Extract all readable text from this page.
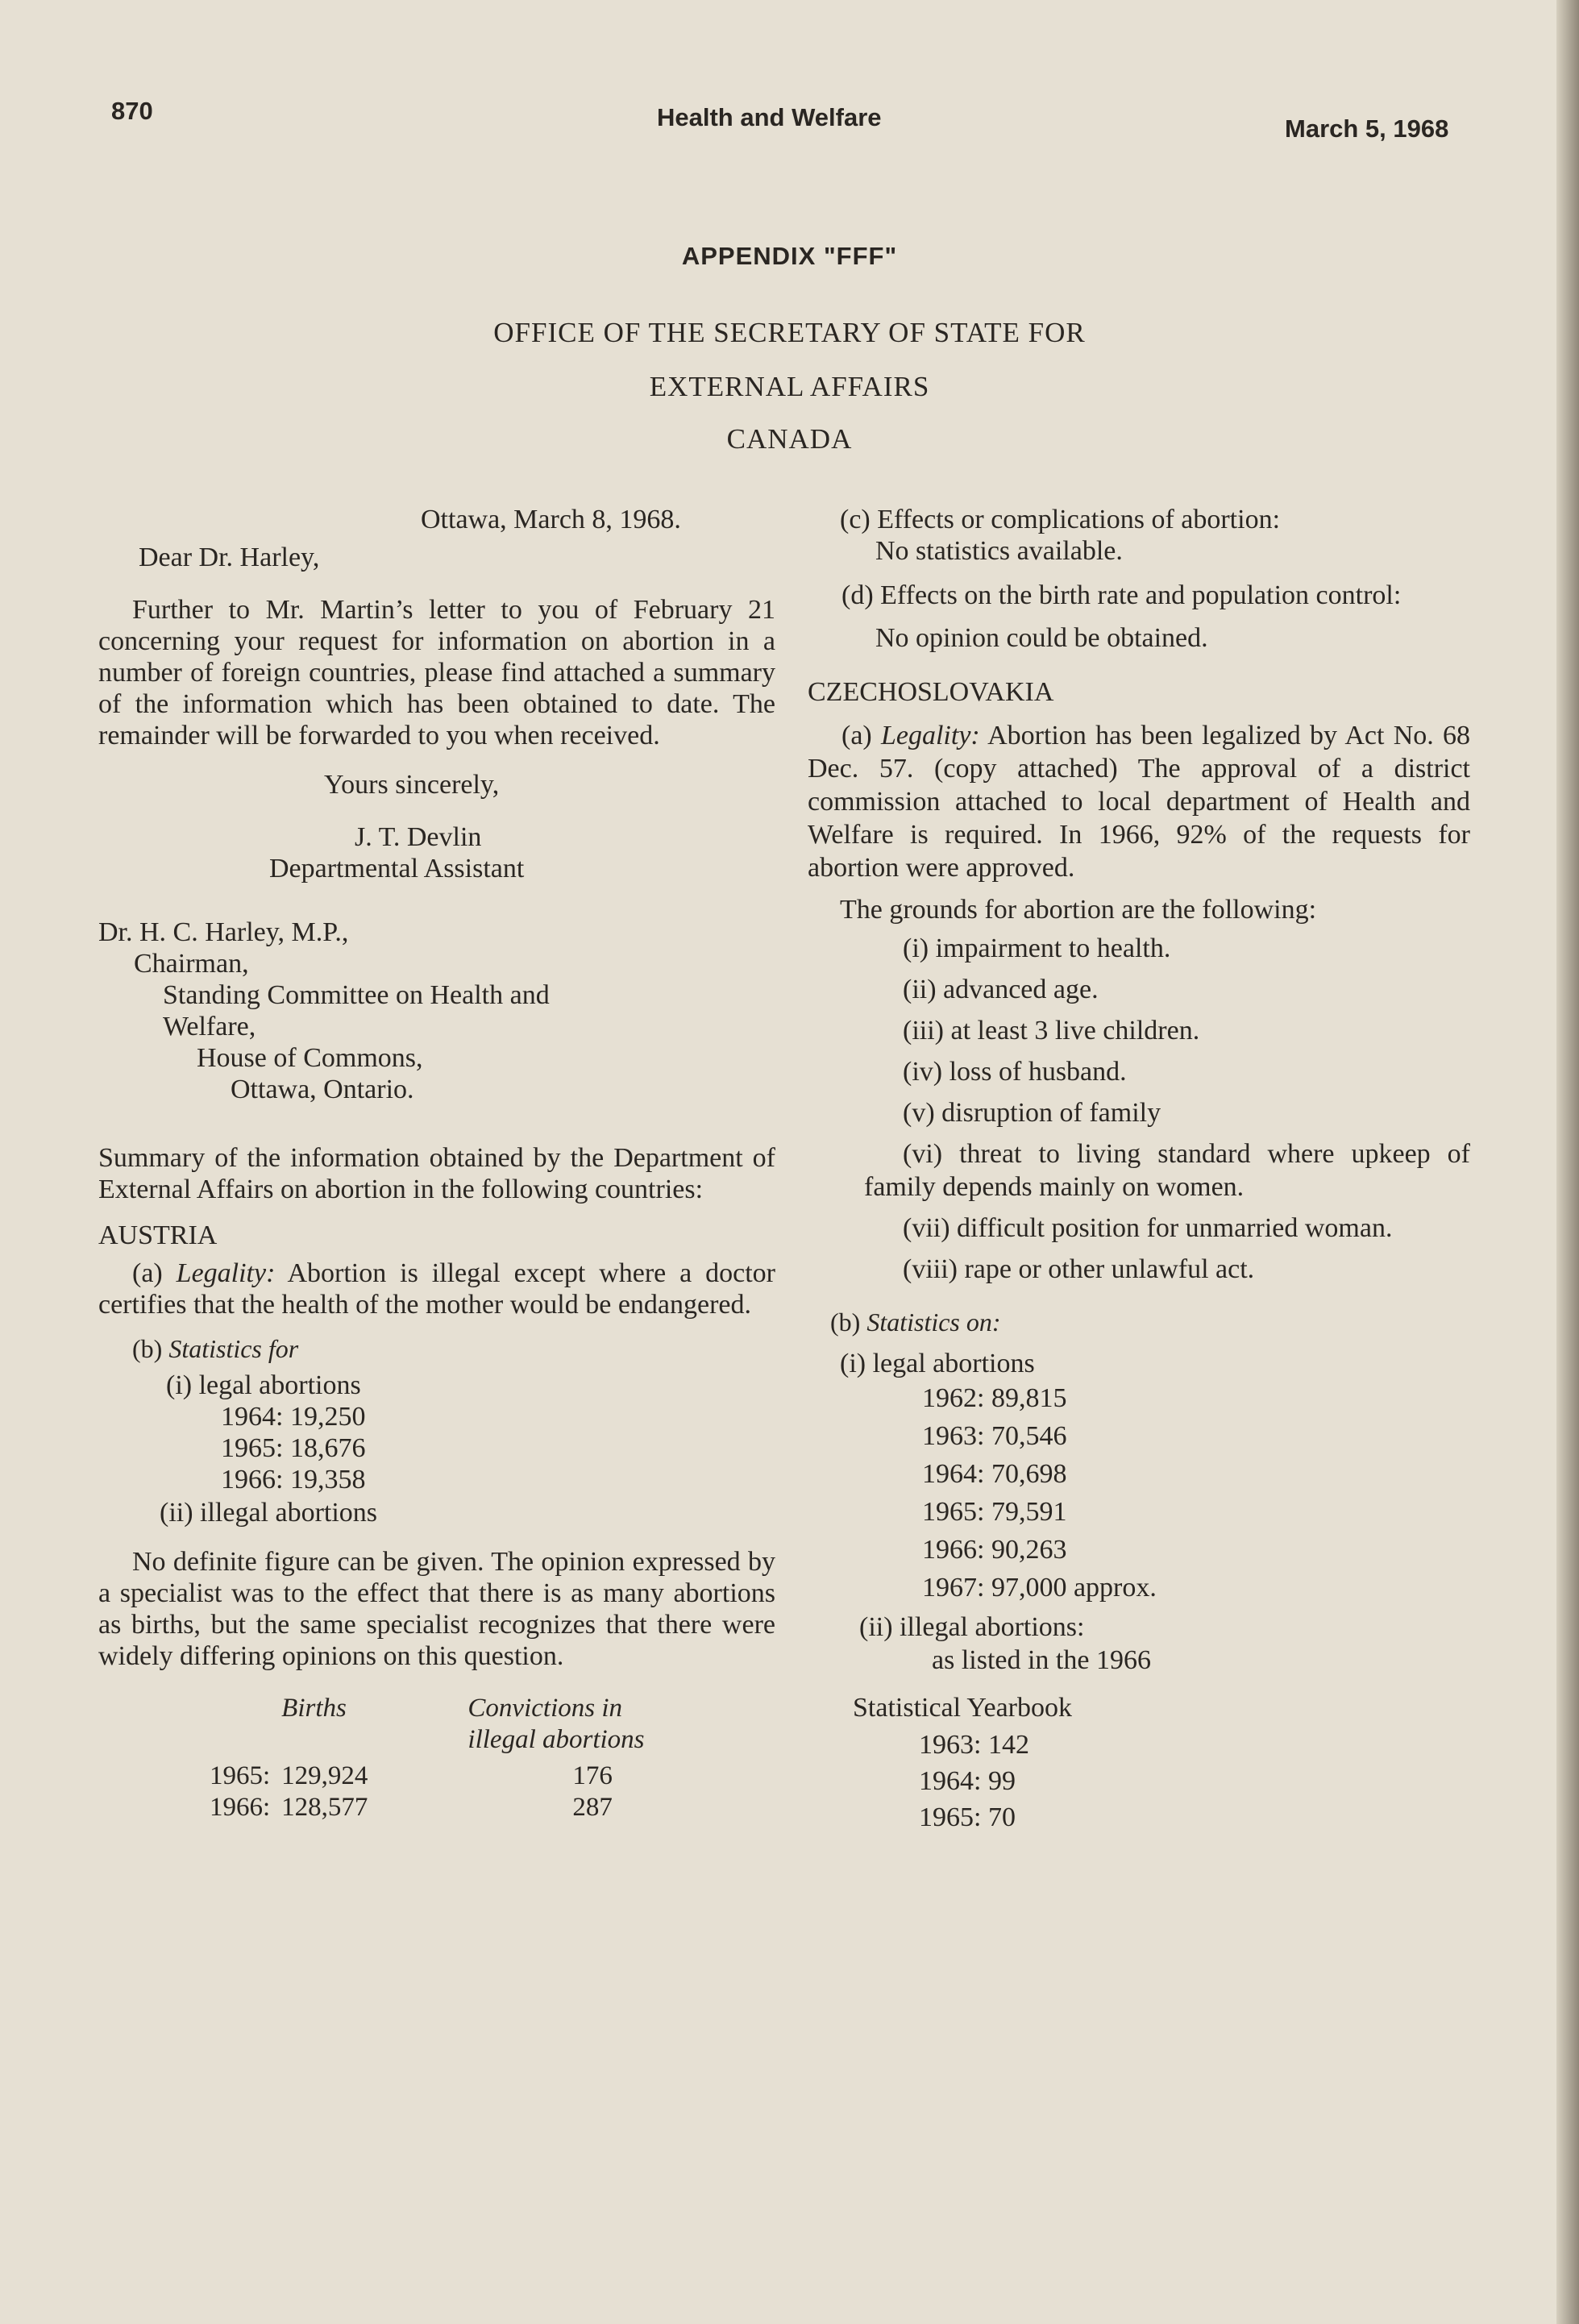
870	Health and Welfare	March 5, 1968
APPENDIX "FFF"
OFFICE OF THE SECRETARY OF STATE FOR
EXTERNAL AFFAIRS
CANADA

Ottawa, March 8, 1968.

Dear Dr. Harley,

Further to Mr. Martin’s letter to you of February 21 concerning your request for information on abortion in a number of foreign countries, please find attached a summary of the information which has been obtained to date. The remainder will be forwarded to you when received.

Yours sincerely,

J. T. Devlin

Departmental Assistant

Dr. H. C. Harley, M.P.,

Chairman,

Standing Committee on Health and

Welfare,

House of Commons,

Ottawa, Ontario.

Summary of the information obtained by the Department of External Affairs on abortion in the following countries:

AUSTRIA

(a) Legality: Abortion is illegal except where a doctor certifies that the health of the mother would be endangered.

(b) Statistics for

(i) legal abortions

1964: 19,250

1965: 18,676

1966: 19,358

(ii) illegal abortions

No definite figure can be given. The opinion expressed by a specialist was to the effect that there is as many abortions as births, but the same specialist recognizes that there were widely differing opinions on this question.

	Births	Convictions in
illegal abortions

1965:	129,924	176
1966:	128,577	287

(c) Effects or complications of abortion:

No statistics available.

(d) Effects on the birth rate and population control:

No opinion could be obtained.

CZECHOSLOVAKIA

(a) Legality: Abortion has been legalized by Act No. 68 Dec. 57. (copy attached) The approval of a district commission attached to local department of Health and Welfare is required. In 1966, 92% of the requests for abortion were approved.

The grounds for abortion are the following:

(i) impairment to health.

(ii) advanced age.

(iii) at least 3 live children.

(iv) loss of husband.

(v) disruption of family

(vi) threat to living standard where upkeep of family depends mainly on women.

(vii) difficult position for unmarried woman.

(viii) rape or other unlawful act.

(b) Statistics on:

(i) legal abortions

1962: 89,815

1963: 70,546

1964: 70,698

1965: 79,591

1966: 90,263

1967: 97,000 approx.

(ii) illegal abortions:

as listed in the 1966

Statistical Yearbook

1963: 142

1964: 99

1965: 70
